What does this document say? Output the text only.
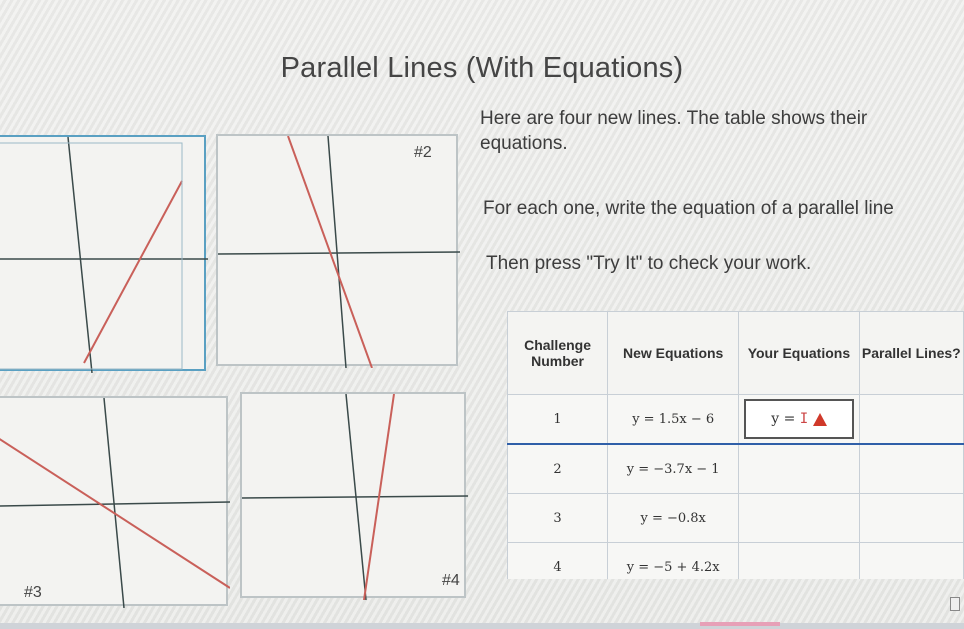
Parallel Lines (With Equations)

Here are four new lines. The table shows their

equations.

For each one, write the equation of a parallel line

Then press "Try It" to check your work.

#2
#3
#4
Challenge Number	New Equations	Your Equations	Parallel Lines?
1	y = 1.5x − 6	y = I
!	

2	y = −3.7x − 1		
3	y = −0.8x		
4	y = −5 + 4.2x		
